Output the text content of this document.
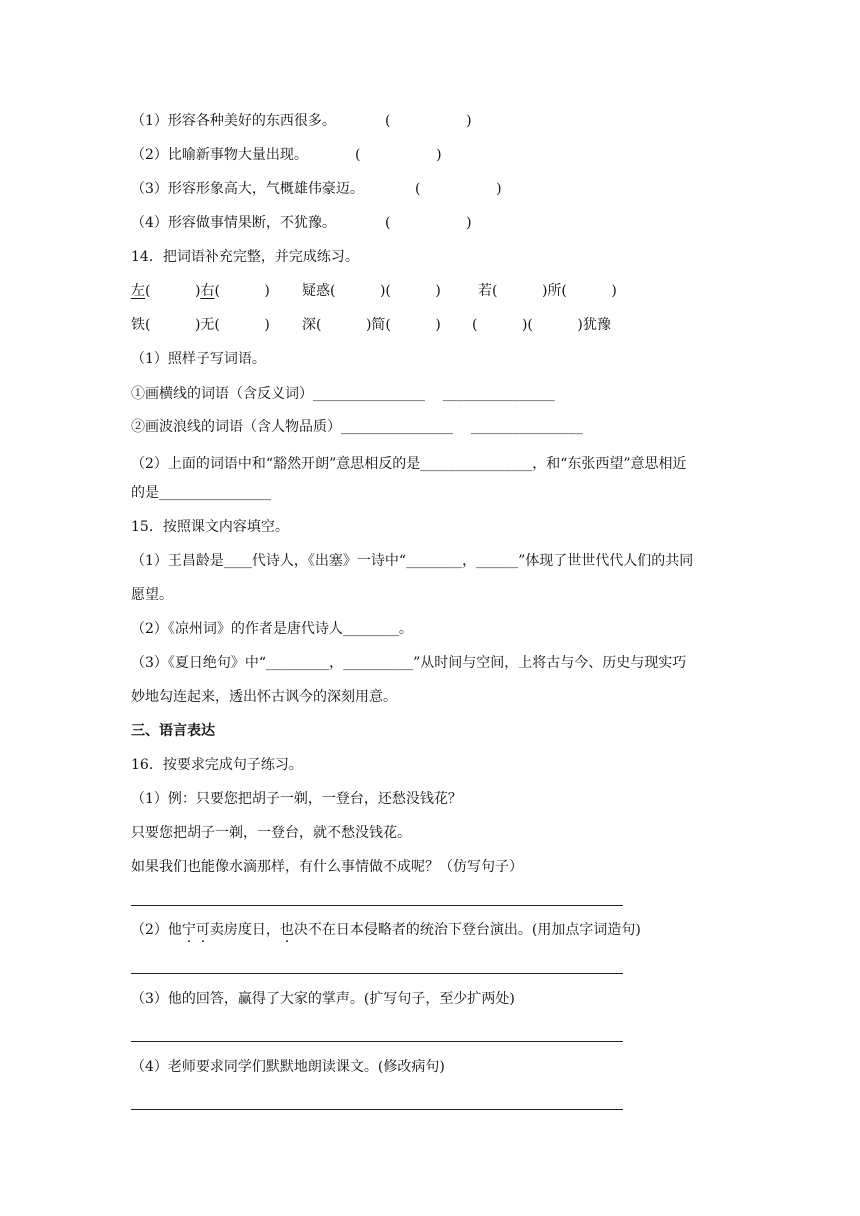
（1）形容各种美好的东西很多。	(                 )
（2）比喻新事物大量出现。	(                 )
（3）形容形象高大，气概雄伟豪迈。	(                 )
（4）形容做事情果断，不犹豫。	(                 )
14．把词语补充完整，并完成练习。
左(          )右(          ) 疑惑(          )(          )	若(          )所(          )
铁(          )无(          ) 深(          )简(          ) (          )(          )犹豫
（1）照样子写词语。
①画横线的词语（含反义词）________________    ________________
②画波浪线的词语（含人物品质）________________    ________________
（2）上面的词语中和“豁然开朗”意思相反的是________________，和“东张西望”意思相近
的是________________
15．按照课文内容填空。
（1）王昌龄是____代诗人，《出塞》一诗中“________，______”体现了世世代代人们的共同
愿望。
（2）《凉州词》的作者是唐代诗人________。
（3）《夏日绝句》中“_________，__________”从时间与空间，上将古与今、历史与现实巧
妙地勾连起来，透出怀古讽今的深刻用意。
三、语言表达
16．按要求完成句子练习。
（1）例：只要您把胡子一剃，一登台，还愁没钱花？
只要您把胡子一剃，一登台，就不愁没钱花。
如果我们也能像水滴那样，有什么事情做不成呢？（仿写句子）
（2）他宁可卖房度日，也决不在日本侵略者的统治下登台演出。(用加点字词造句)
（3）他的回答，赢得了大家的掌声。(扩写句子，至少扩两处)
（4）老师要求同学们默默地朗读课文。(修改病句)
